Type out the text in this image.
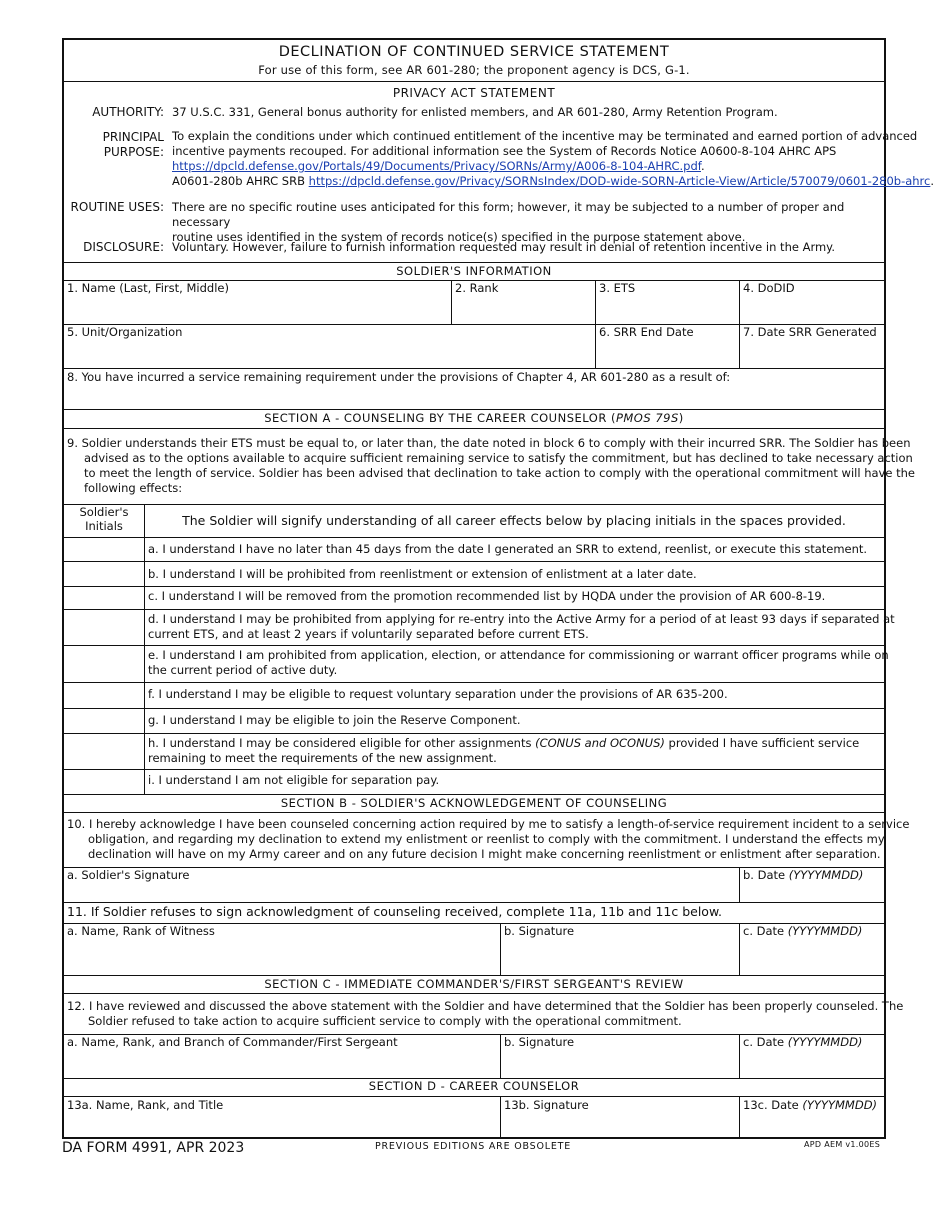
DECLINATION OF CONTINUED SERVICE STATEMENT
For use of this form, see AR 601-280; the proponent agency is DCS, G-1.
PRIVACY ACT STATEMENT
AUTHORITY: 37 U.S.C. 331, General bonus authority for enlisted members, and AR 601-280, Army Retention Program.
PRINCIPAL
PURPOSE:
To explain the conditions under which continued entitlement of the incentive may be terminated and earned portion of advanced
incentive payments recouped. For additional information see the System of Records Notice A0600-8-104 AHRC APS
https://dpcld.defense.gov/Portals/49/Documents/Privacy/SORNs/Army/A006-8-104-AHRC.pdf.
A0601-280b AHRC SRB https://dpcld.defense.gov/Privacy/SORNsIndex/DOD-wide-SORN-Article-View/Article/570079/0601-280b-ahrc.
ROUTINE USES: There are no specific routine uses anticipated for this form; however, it may be subjected to a number of proper and necessary
routine uses identified in the system of records notice(s) specified in the purpose statement above.
DISCLOSURE: Voluntary. However, failure to furnish information requested may result in denial of retention incentive in the Army.
SOLDIER'S INFORMATION
1. Name (Last, First, Middle)	2. Rank	3. ETS	4. DoDID
5. Unit/Organization	6. SRR End Date	7. Date SRR Generated
8. You have incurred a service remaining requirement under the provisions of Chapter 4, AR 601-280 as a result of:
SECTION A - COUNSELING BY THE CAREER COUNSELOR (PMOS 79S)
9. Soldier understands their ETS must be equal to, or later than, the date noted in block 6 to comply with their incurred SRR. The Soldier has been
advised as to the options available to acquire sufficient remaining service to satisfy the commitment, but has declined to take necessary action
to meet the length of service. Soldier has been advised that declination to take action to comply with the operational commitment will have the
following effects:
Soldier's
Initials	The Soldier will signify understanding of all career effects below by placing initials in the spaces provided.
a. I understand I have no later than 45 days from the date I generated an SRR to extend, reenlist, or execute this statement.
b. I understand I will be prohibited from reenlistment or extension of enlistment at a later date.
c. I understand I will be removed from the promotion recommended list by HQDA under the provision of AR 600-8-19.
d. I understand I may be prohibited from applying for re-entry into the Active Army for a period of at least 93 days if separated at
current ETS, and at least 2 years if voluntarily separated before current ETS.
e. I understand I am prohibited from application, election, or attendance for commissioning or warrant officer programs while on
the current period of active duty.
f. I understand I may be eligible to request voluntary separation under the provisions of AR 635-200.
g. I understand I may be eligible to join the Reserve Component.
h. I understand I may be considered eligible for other assignments (CONUS and OCONUS) provided I have sufficient service
remaining to meet the requirements of the new assignment.
i. I understand I am not eligible for separation pay.
SECTION B - SOLDIER'S ACKNOWLEDGEMENT OF COUNSELING
10. I hereby acknowledge I have been counseled concerning action required by me to satisfy a length-of-service requirement incident to a service
obligation, and regarding my declination to extend my enlistment or reenlist to comply with the commitment. I understand the effects my
declination will have on my Army career and on any future decision I might make concerning reenlistment or enlistment after separation.
a. Soldier's Signature	b. Date (YYYYMMDD)
11. If Soldier refuses to sign acknowledgment of counseling received, complete 11a, 11b and 11c below.
a. Name, Rank of Witness	b. Signature	c. Date (YYYYMMDD)
SECTION C - IMMEDIATE COMMANDER'S/FIRST SERGEANT'S REVIEW
12. I have reviewed and discussed the above statement with the Soldier and have determined that the Soldier has been properly counseled. The
Soldier refused to take action to acquire sufficient service to comply with the operational commitment.
a. Name, Rank, and Branch of Commander/First Sergeant	b. Signature	c. Date (YYYYMMDD)
SECTION D - CAREER COUNSELOR
13a. Name, Rank, and Title	13b. Signature	13c. Date (YYYYMMDD)
DA FORM 4991, APR 2023	PREVIOUS EDITIONS ARE OBSOLETE	APD AEM v1.00ES
